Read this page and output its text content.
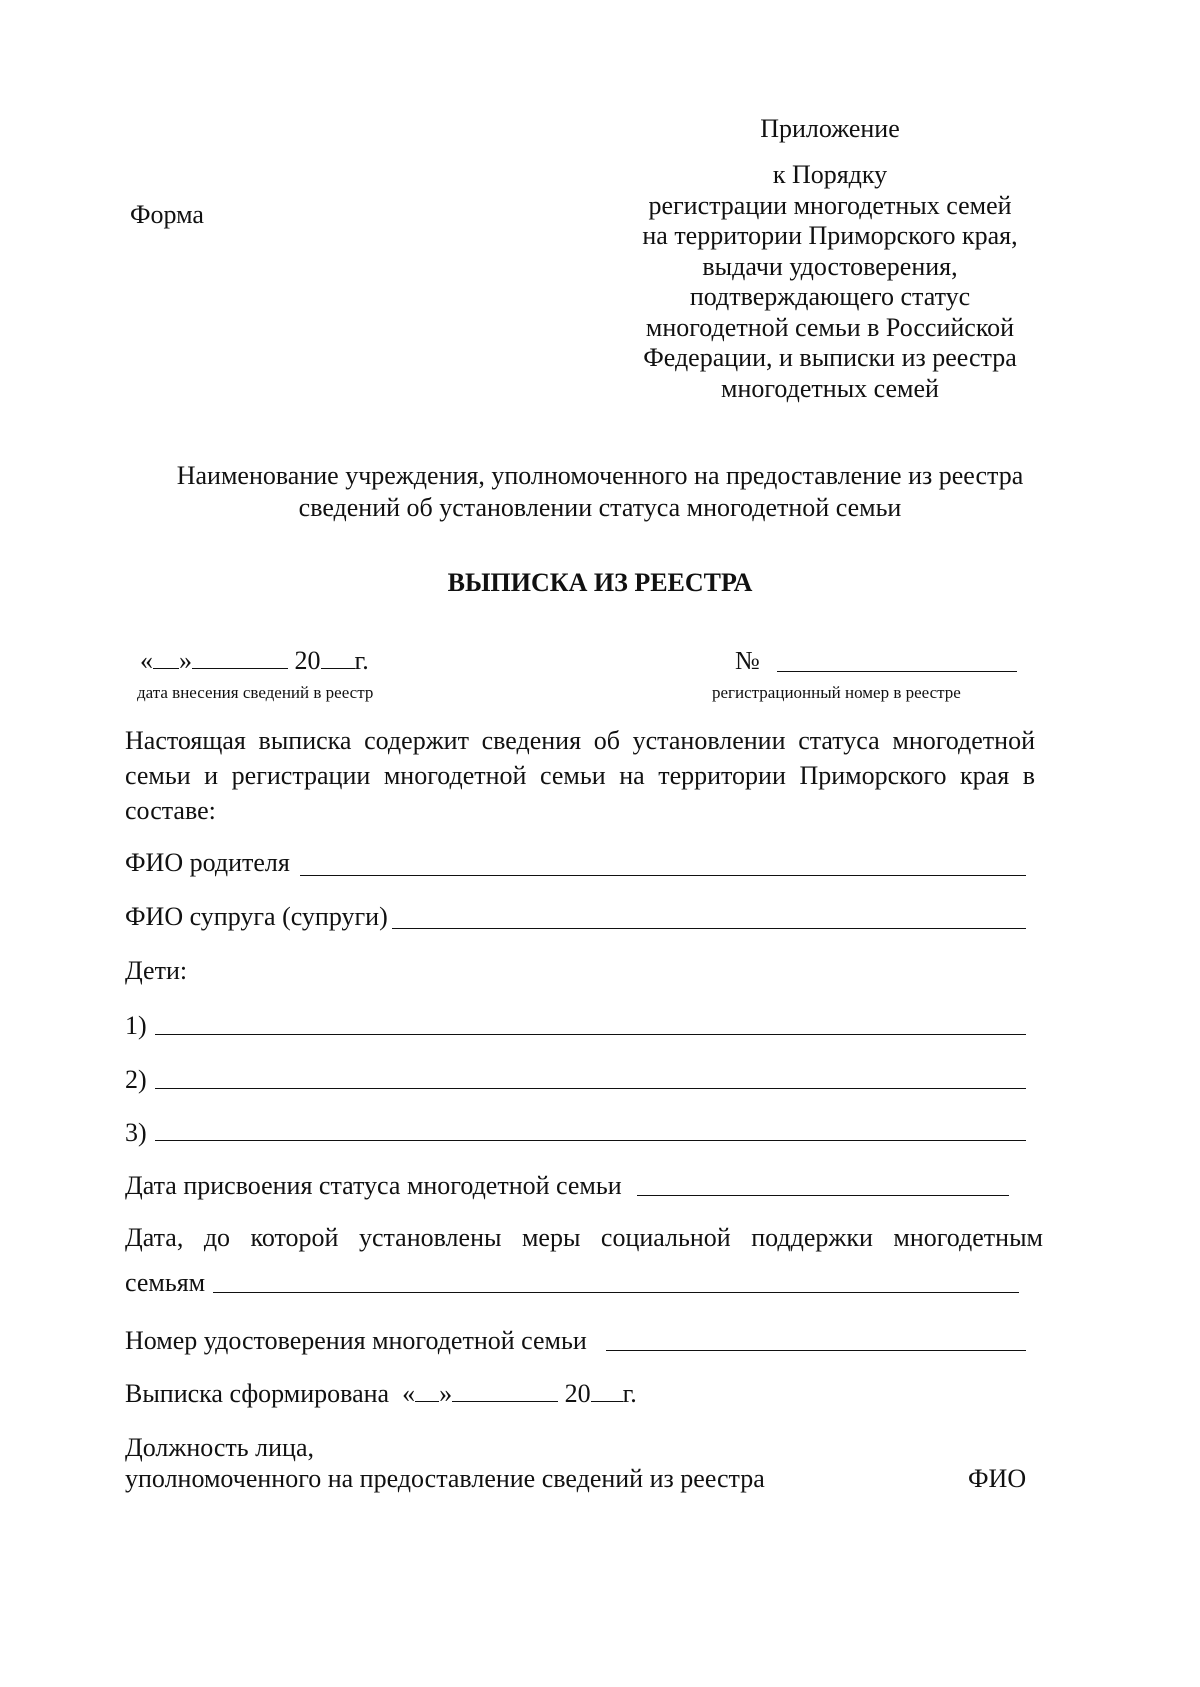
Приложение
Форма
к Порядку
регистрации многодетных семей
на территории Приморского края,
выдачи удостоверения,
подтверждающего статус
многодетной семьи в Российской
Федерации, и выписки из реестра
многодетных семей
Наименование учреждения, уполномоченного на предоставление из реестра
сведений об установлении статуса многодетной семьи
ВЫПИСКА ИЗ РЕЕСТРА
« »	20 г.
дата внесения сведений в реестр
№
регистрационный номер в реестре
Настоящая выписка содержит сведения об установлении статуса многодетной семьи и регистрации многодетной семьи на территории Приморского края в составе:
ФИО родителя
ФИО супруга (супруги)
Дети:
1)
2)
3)
Дата присвоения статуса многодетной семьи
Дата, до которой установлены меры социальной поддержки многодетным
семьям
Номер удостоверения многодетной семьи
Выписка сформирована « »	20 г.
Должность лица,
уполномоченного на предоставление сведений из реестра	ФИО
